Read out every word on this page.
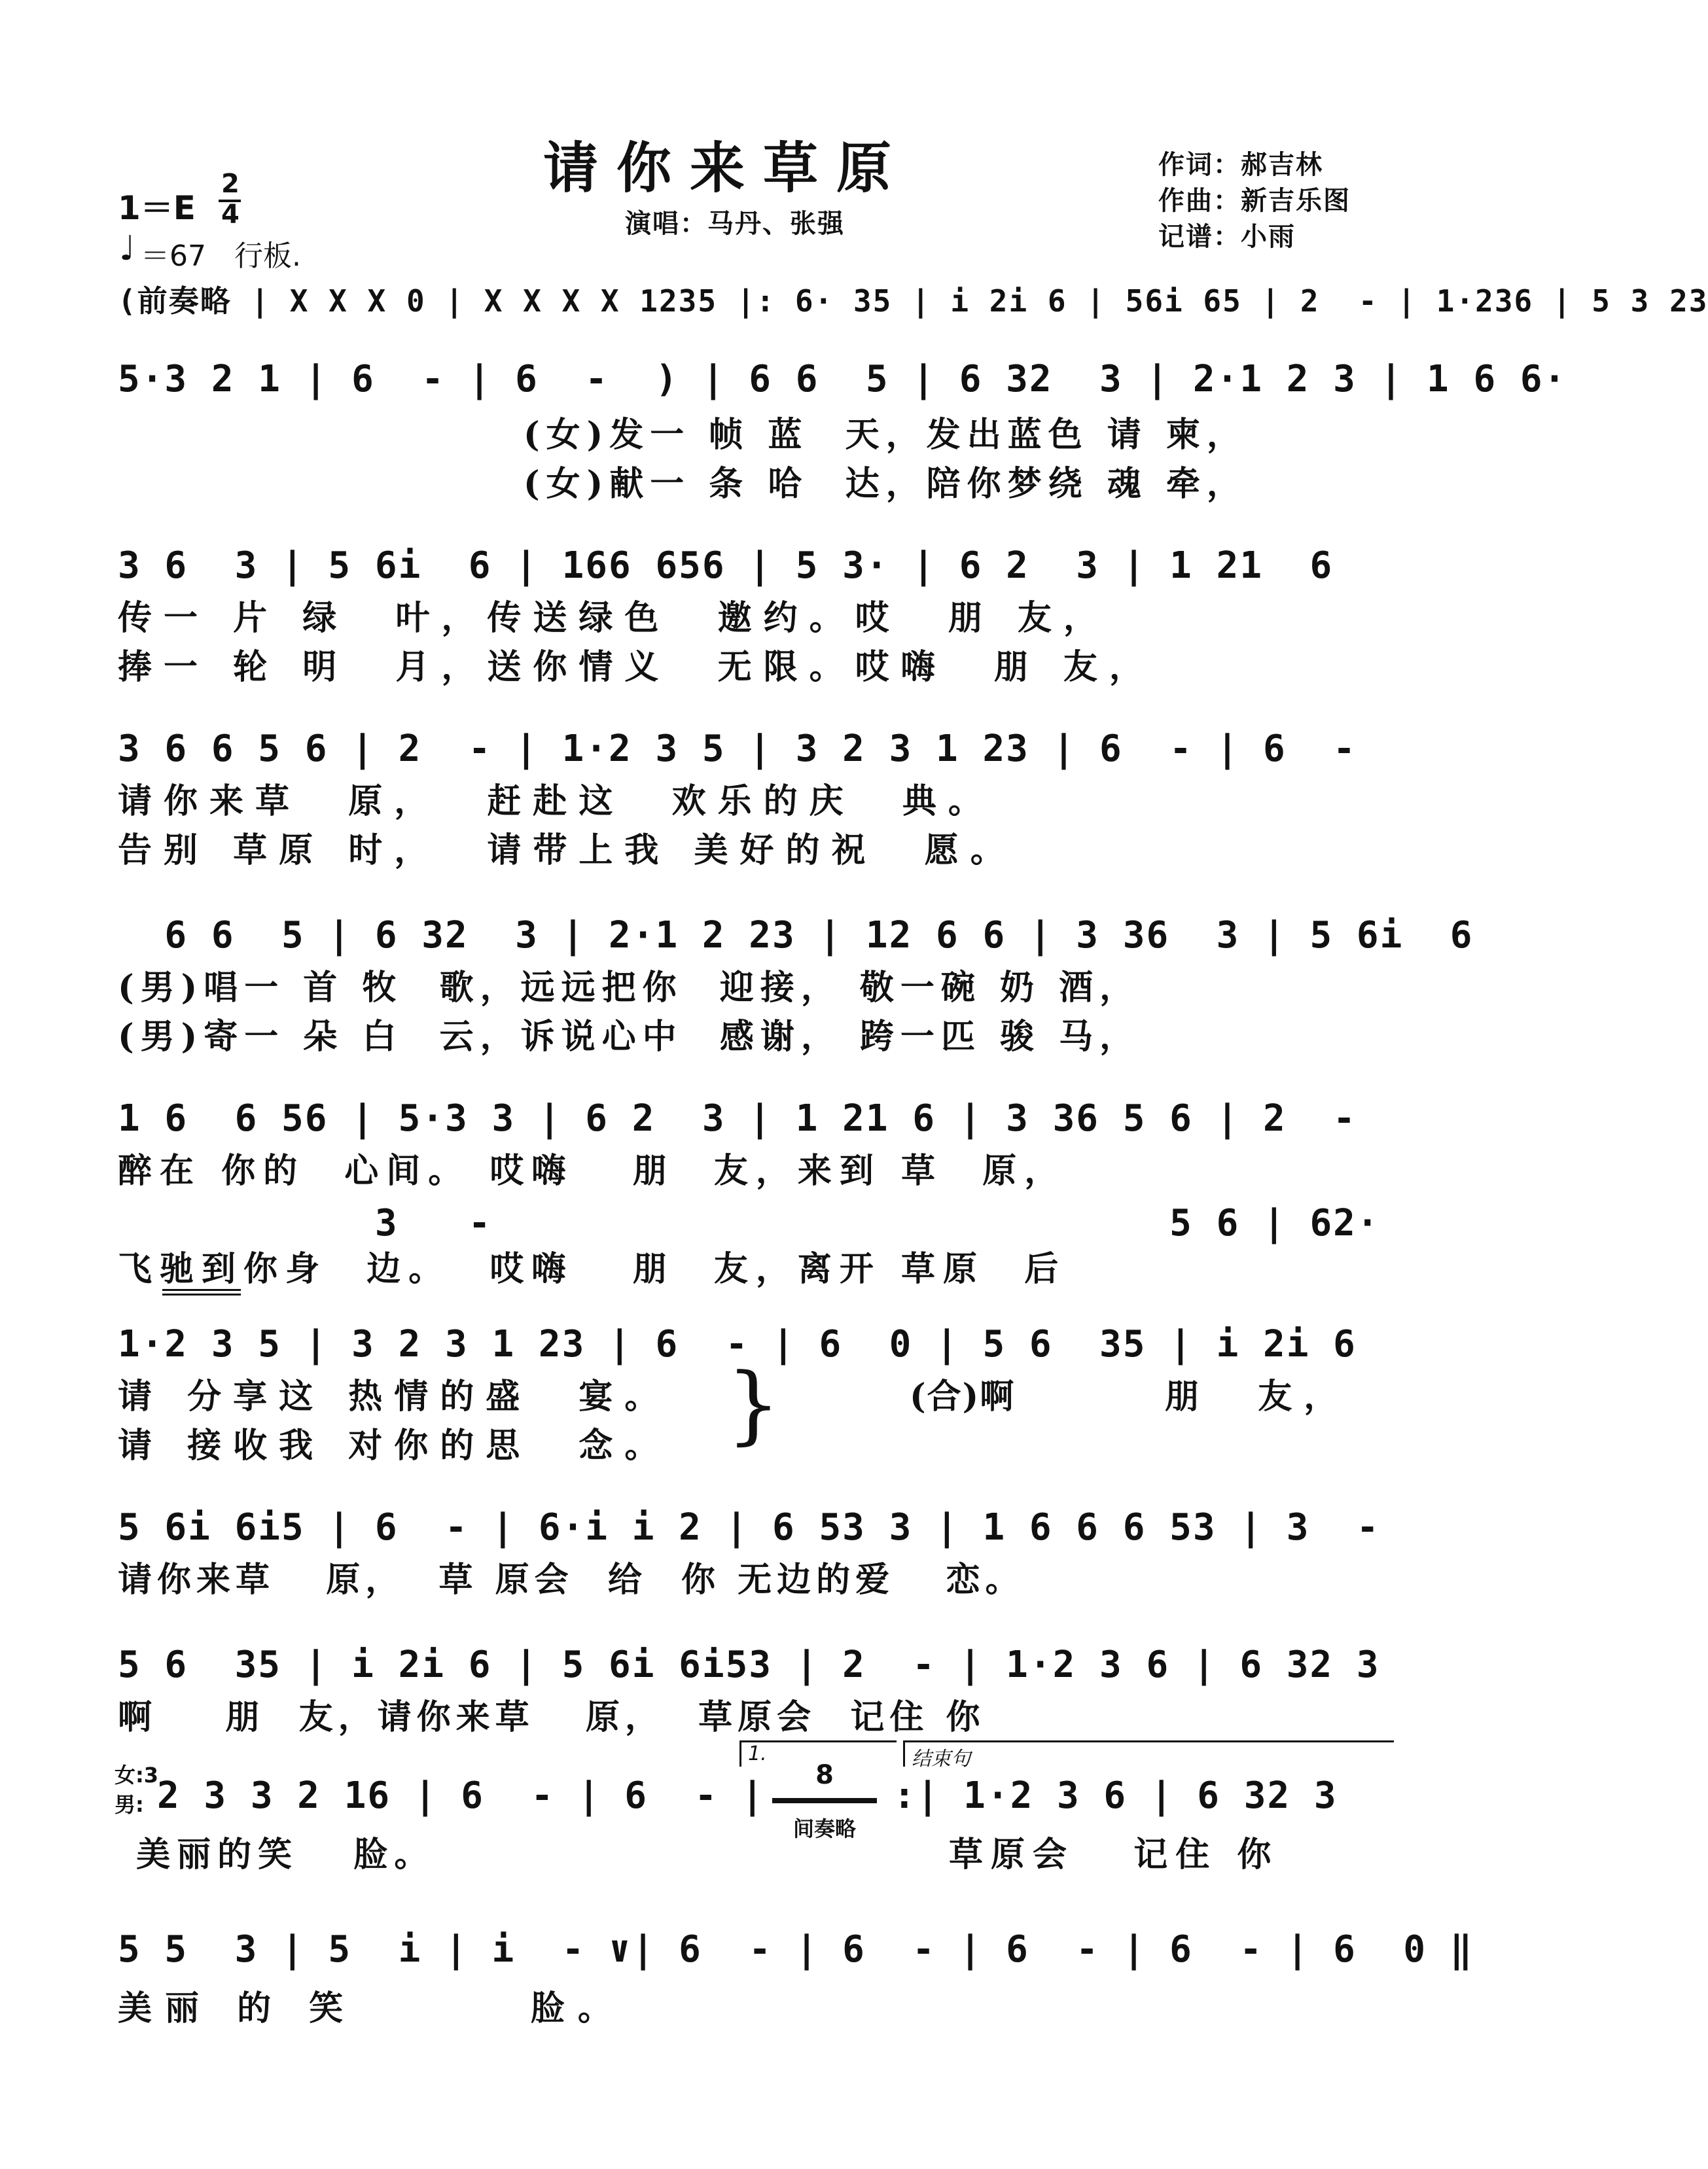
请你来草原
演唱：马丹、张强
作词：郝吉林
作曲：新吉乐图
记谱：小雨
1＝E
2
4
♩ ＝67 行板.
(前奏略 | X X X 0 | X X X X 1235 |: 6· 35 | i 2i 6 | 56i 65 | 2  - | 1·236 | 5 3 23
5·3 2 1 | 6  - | 6  -  ) | 6 6  5 | 6 32  3 | 2·1 2 3 | 1 6 6·
(女)发一 帧 蓝  天，发出蓝色 请 柬，
(女)献一 条 哈  达，陪你梦绕 魂 牵，
3 6  3 | 5 6i  6 | 166 656 | 5 3· | 6 2  3 | 1 21  6
传一 片 绿  叶，传送绿色  邀约。哎  朋 友，
捧一 轮 明  月，送你情义  无限。哎嗨  朋 友，
3 6 6 5 6 | 2  - | 1·2 3 5 | 3 2 3 1 23 | 6  - | 6  -
请你来草  原，  赶赴这  欢乐的庆  典。
告别 草原 时，  请带上我 美好的祝  愿。
6 6  5 | 6 32  3 | 2·1 2 23 | 12 6 6 | 3 36  3 | 5 6i  6
(男)唱一 首 牧  歌，远远把你  迎接， 敬一碗 奶 酒，
(男)寄一 朵 白  云，诉说心中  感谢， 跨一匹 骏 马，
1 6  6 56 | 5·3 3 | 6 2  3 | 1 21 6 | 3 36 5 6 | 2  -
醉在 你的  心间。 哎嗨   朋  友，来到 草  原，
3   -                             5 6 | 62·
飞驰到你身  边。  哎嗨   朋  友，离开 草原  后
1·2 3 5 | 3 2 3 1 23 | 6  - | 6  0 | 5 6  35 | i 2i 6
请 分享这 热情的盛  宴。
请 接收我 对你的思  念。 }	(合)啊	朋  友，
5 6i 6i5 | 6  - | 6·i i 2 | 6 53 3 | 1 6 6 6 53 | 3  -
请你来草   原，  草 原会  给  你 无边的爱   恋。
5 6  35 | i 2i 6 | 5 6i 6i53 | 2  - | 1·2 3 6 | 6 32 3
啊    朋  友，请你来草   原，  草原会  记住 你
女:3
男: 2 3 3 2 16 | 6  - | 6  - |
美丽的笑   脸。
1.
8
间奏略
结束句
:| 1·2 3 6 | 6 32 3
草原会   记住 你
5 5  3 | 5  i | i  - ∨| 6  - | 6  - | 6  - | 6  - | 6  0 ‖
美丽 的 笑       脸。
